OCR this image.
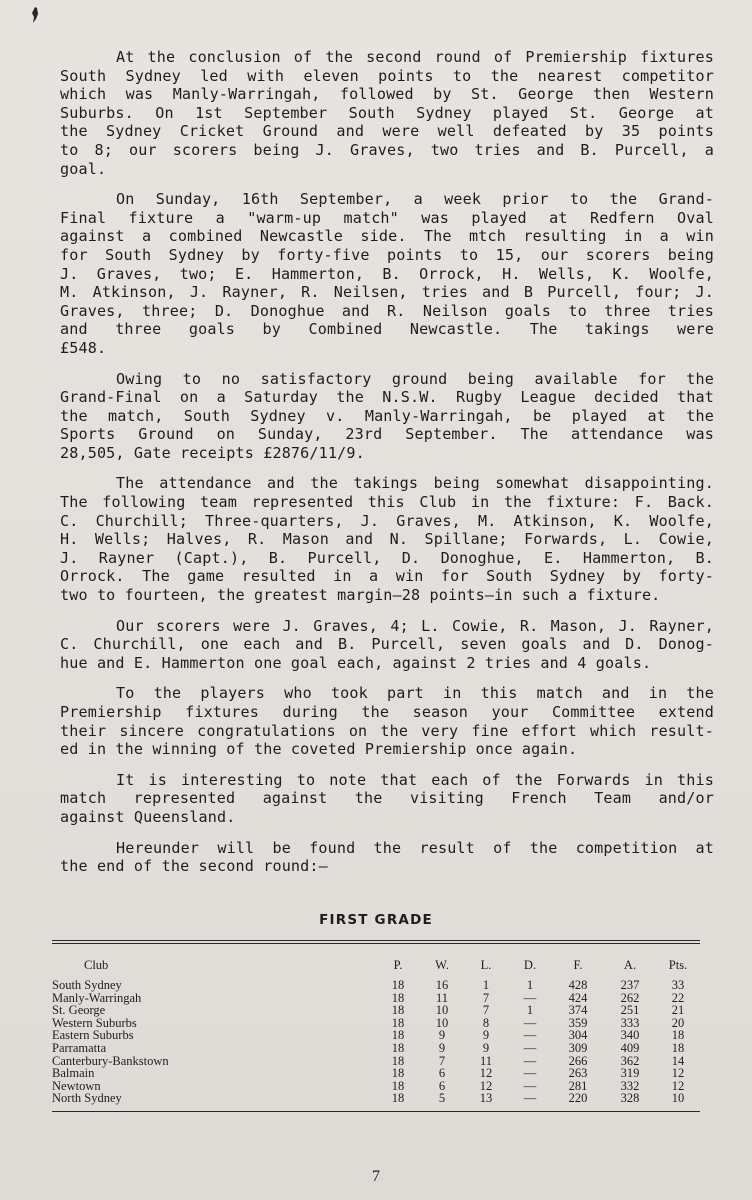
At the conclusion of the second round of Premiership fixtures
South Sydney led with eleven points to the nearest competitor
which was Manly-Warringah, followed by St. George then Western
Suburbs. On 1st September South Sydney played St. George at
the Sydney Cricket Ground and were well defeated by 35 points
to 8; our scorers being J. Graves, two tries and B. Purcell, a
goal.
On Sunday, 16th September, a week prior to the Grand-
Final fixture a "warm-up match" was played at Redfern Oval
against a combined Newcastle side. The mtch resulting in a win
for South Sydney by forty-five points to 15, our scorers being
J. Graves, two; E. Hammerton, B. Orrock, H. Wells, K. Woolfe,
M. Atkinson, J. Rayner, R. Neilsen, tries and B Purcell, four; J.
Graves, three; D. Donoghue and R. Neilson goals to three tries
and three goals by Combined Newcastle. The takings were
£548.
Owing to no satisfactory ground being available for the
Grand-Final on a Saturday the N.S.W. Rugby League decided that
the match, South Sydney v. Manly-Warringah, be played at the
Sports Ground on Sunday, 23rd September. The attendance was
28,505, Gate receipts £2876/11/9.
The attendance and the takings being somewhat disappointing.
The following team represented this Club in the fixture: F. Back.
C. Churchill; Three-quarters, J. Graves, M. Atkinson, K. Woolfe,
H. Wells; Halves, R. Mason and N. Spillane; Forwards, L. Cowie,
J. Rayner (Capt.), B. Purcell, D. Donoghue, E. Hammerton, B.
Orrock. The game resulted in a win for South Sydney by forty-
two to fourteen, the greatest margin—28 points—in such a fixture.
Our scorers were J. Graves, 4; L. Cowie, R. Mason, J. Rayner,
C. Churchill, one each and B. Purcell, seven goals and D. Donog-
hue and E. Hammerton one goal each, against 2 tries and 4 goals.
To the players who took part in this match and in the
Premiership fixtures during the season your Committee extend
their sincere congratulations on the very fine effort which result-
ed in the winning of the coveted Premiership once again.
It is interesting to note that each of the Forwards in this
match represented against the visiting French Team and/or
against Queensland.
Hereunder will be found the result of the competition at
the end of the second round:—
FIRST GRADE
Club	P.	W.	L.	D.	F.	A.	Pts.
South Sydney	18	16	1	1	428	237	33
Manly-Warringah	18	11	7	—	424	262	22
St. George	18	10	7	1	374	251	21
Western Suburbs	18	10	8	—	359	333	20
Eastern Suburbs	18	9	9	—	304	340	18
Parramatta	18	9	9	—	309	409	18
Canterbury-Bankstown	18	7	11	—	266	362	14
Balmain	18	6	12	—	263	319	12
Newtown	18	6	12	—	281	332	12
North Sydney	18	5	13	—	220	328	10
7
